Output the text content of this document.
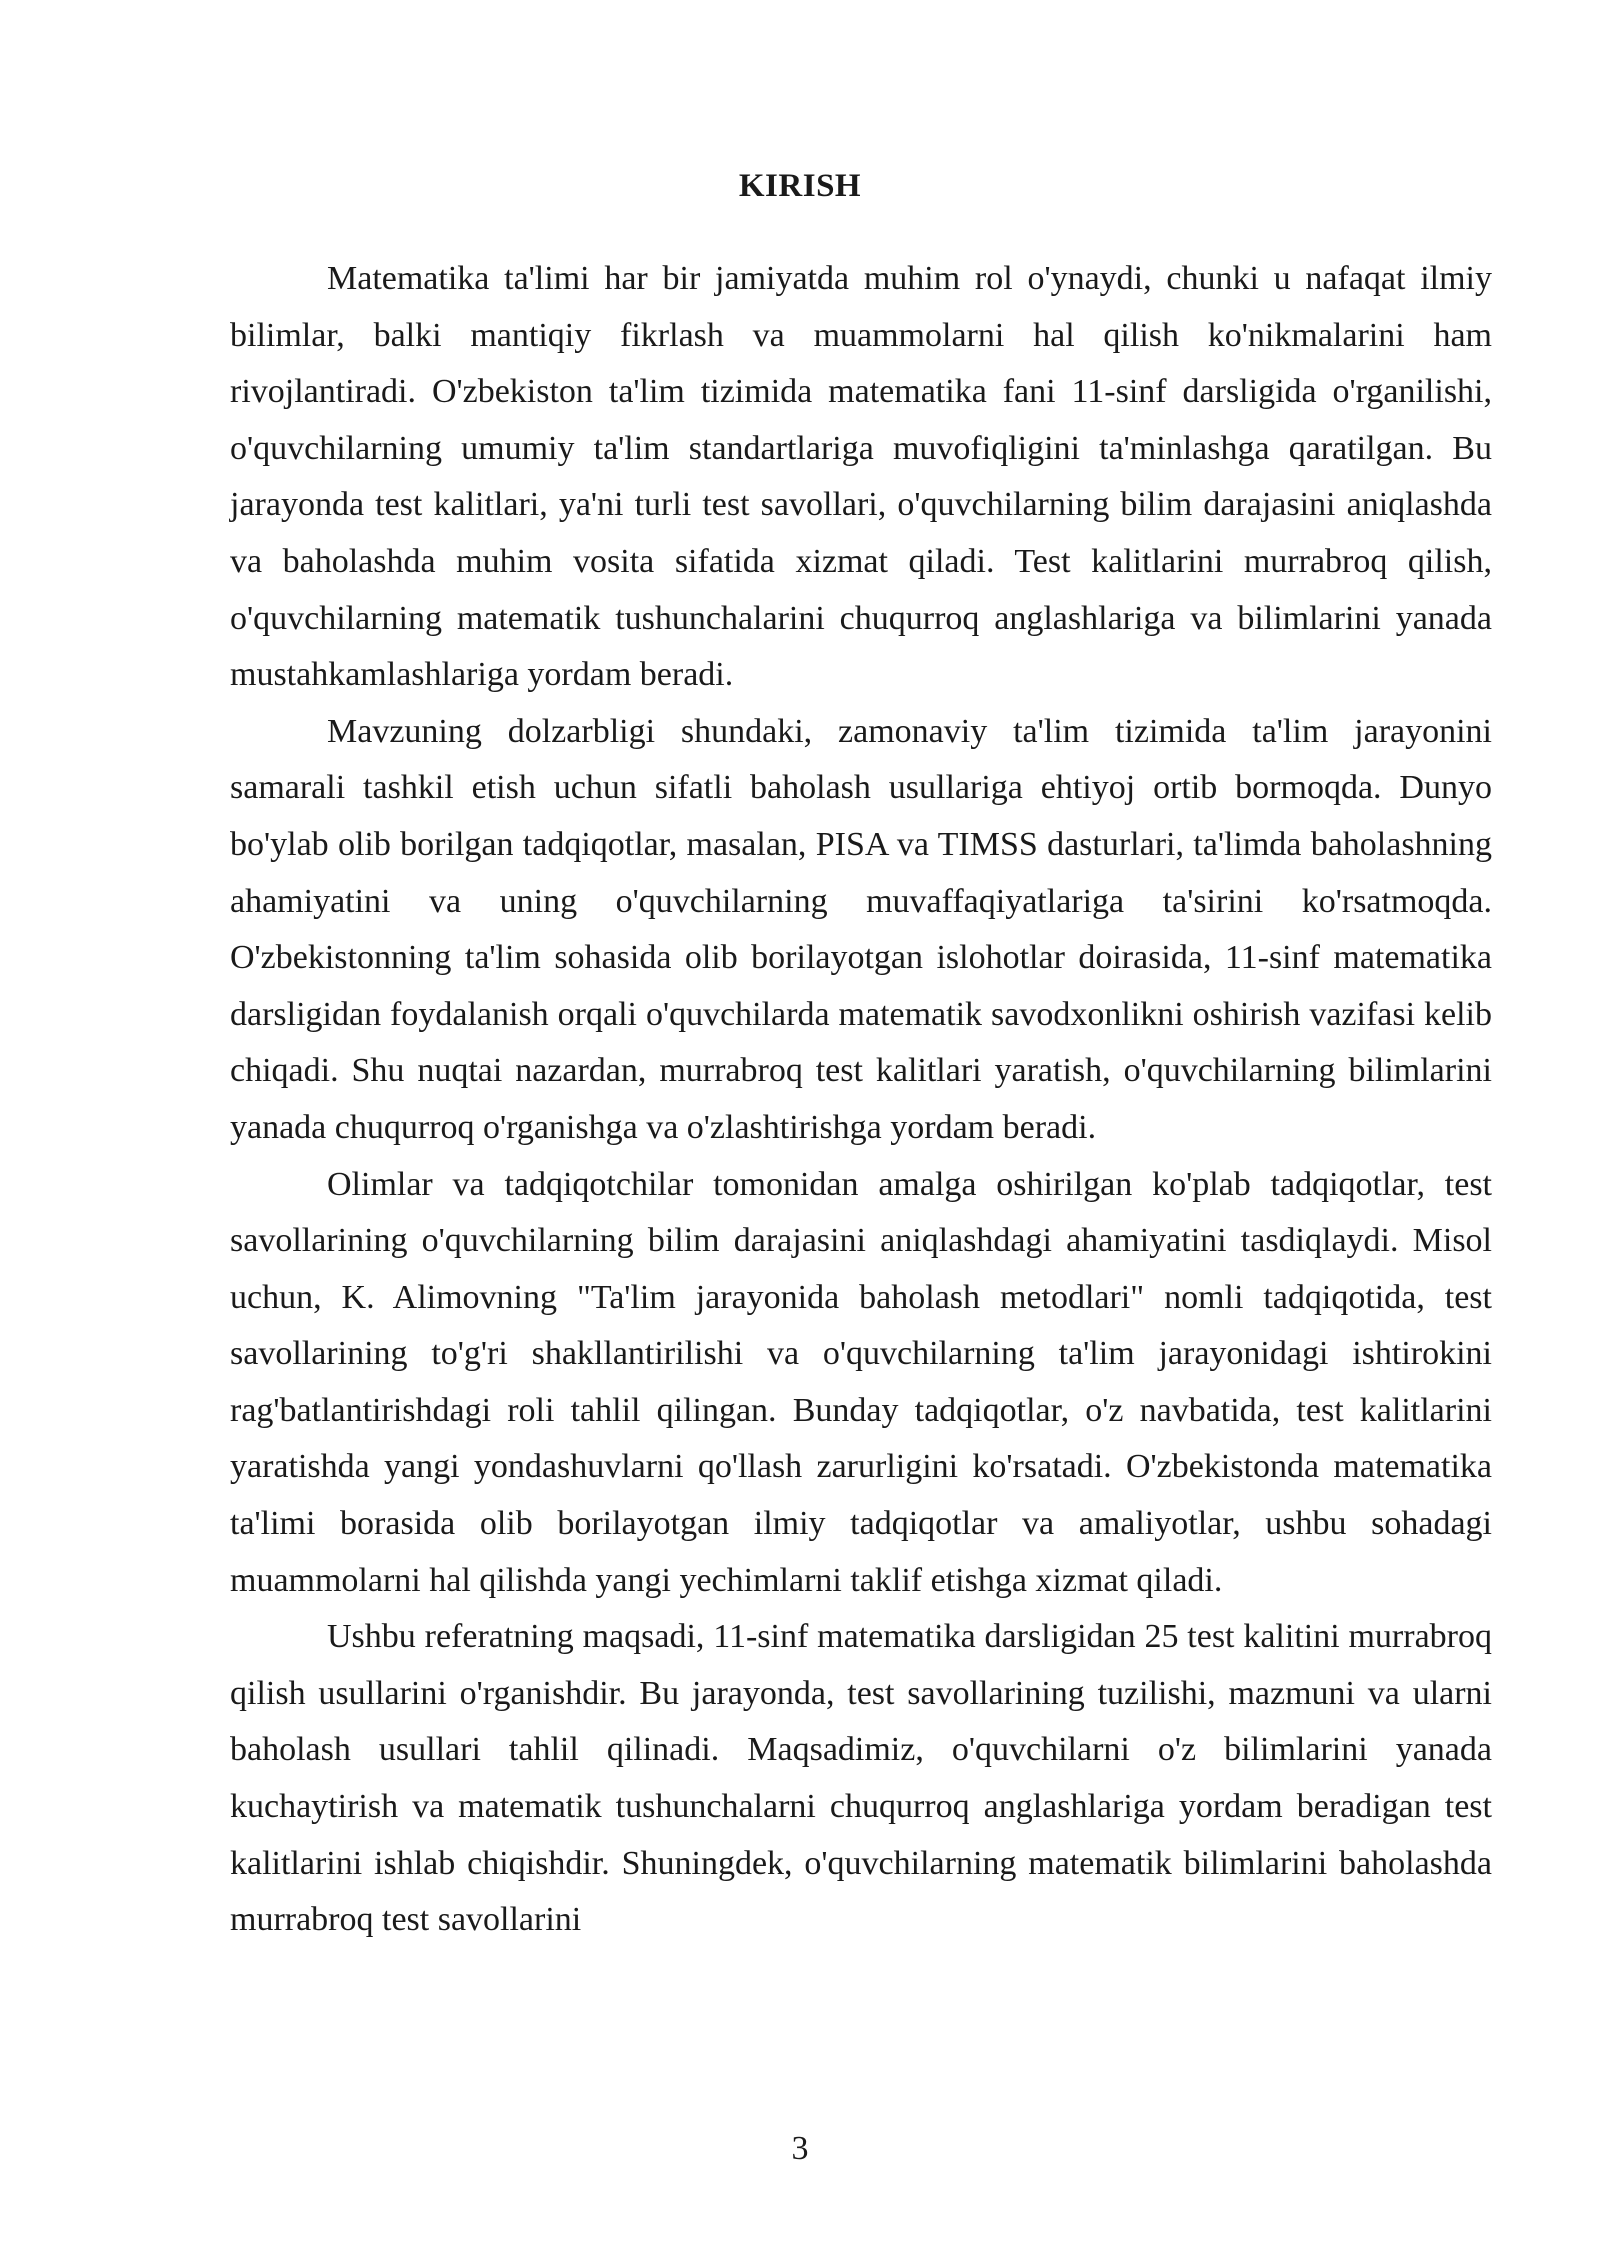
KIRISH

Matematika ta'limi har bir jamiyatda muhim rol o'ynaydi, chunki u nafaqat ilmiy bilimlar, balki mantiqiy fikrlash va muammolarni hal qilish ko'nikmalarini ham rivojlantiradi. O'zbekiston ta'lim tizimida matematika fani 11-sinf darsligida o'rganilishi, o'quvchilarning umumiy ta'lim standartlariga muvofiqligini ta'minlashga qaratilgan. Bu jarayonda test kalitlari, ya'ni turli test savollari, o'quvchilarning bilim darajasini aniqlashda va baholashda muhim vosita sifatida xizmat qiladi. Test kalitlarini murrabroq qilish, o'quvchilarning matematik tushunchalarini chuqurroq anglashlariga va bilimlarini yanada mustahkamlashlariga yordam beradi.

Mavzuning dolzarbligi shundaki, zamonaviy ta'lim tizimida ta'lim jarayonini samarali tashkil etish uchun sifatli baholash usullariga ehtiyoj ortib bormoqda. Dunyo bo'ylab olib borilgan tadqiqotlar, masalan, PISA va TIMSS dasturlari, ta'limda baholashning ahamiyatini va uning o'quvchilarning muvaffaqiyatlariga ta'sirini ko'rsatmoqda. O'zbekistonning ta'lim sohasida olib borilayotgan islohotlar doirasida, 11-sinf matematika darsligidan foydalanish orqali o'quvchilarda matematik savodxonlikni oshirish vazifasi kelib chiqadi. Shu nuqtai nazardan, murrabroq test kalitlari yaratish, o'quvchilarning bilimlarini yanada chuqurroq o'rganishga va o'zlashtirishga yordam beradi.

Olimlar va tadqiqotchilar tomonidan amalga oshirilgan ko'plab tadqiqotlar, test savollarining o'quvchilarning bilim darajasini aniqlashdagi ahamiyatini tasdiqlaydi. Misol uchun, K. Alimovning "Ta'lim jarayonida baholash metodlari" nomli tadqiqotida, test savollarining to'g'ri shakllantirilishi va o'quvchilarning ta'lim jarayonidagi ishtirokini rag'batlantirishdagi roli tahlil qilingan. Bunday tadqiqotlar, o'z navbatida, test kalitlarini yaratishda yangi yondashuvlarni qo'llash zarurligini ko'rsatadi. O'zbekistonda matematika ta'limi borasida olib borilayotgan ilmiy tadqiqotlar va amaliyotlar, ushbu sohadagi muammolarni hal qilishda yangi yechimlarni taklif etishga xizmat qiladi.

Ushbu referatning maqsadi, 11-sinf matematika darsligidan 25 test kalitini murrabroq qilish usullarini o'rganishdir. Bu jarayonda, test savollarining tuzilishi, mazmuni va ularni baholash usullari tahlil qilinadi. Maqsadimiz, o'quvchilarni o'z bilimlarini yanada kuchaytirish va matematik tushunchalarni chuqurroq anglashlariga yordam beradigan test kalitlarini ishlab chiqishdir. Shuningdek, o'quvchilarning matematik bilimlarini baholashda murrabroq test savollarini

3
